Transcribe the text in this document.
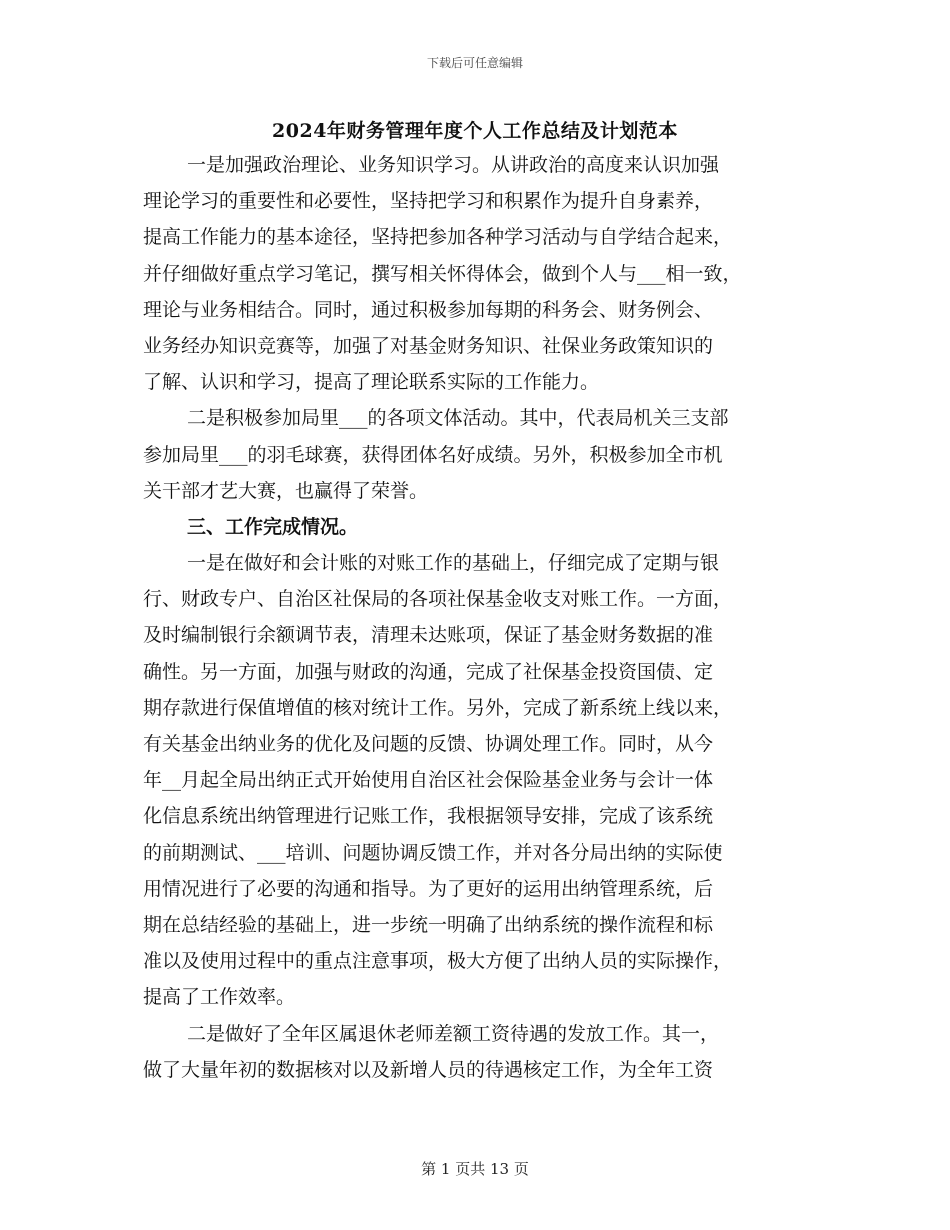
下载后可任意编辑
2024年财务管理年度个人工作总结及计划范本
一是加强政治理论、业务知识学习。从讲政治的高度来认识加强
理论学习的重要性和必要性，坚持把学习和积累作为提升自身素养，
提高工作能力的基本途径，坚持把参加各种学习活动与自学结合起来，
并仔细做好重点学习笔记，撰写相关怀得体会，做到个人与___相一致，
理论与业务相结合。同时，通过积极参加每期的科务会、财务例会、
业务经办知识竞赛等，加强了对基金财务知识、社保业务政策知识的
了解、认识和学习，提高了理论联系实际的工作能力。
二是积极参加局里___的各项文体活动。其中，代表局机关三支部
参加局里___的羽毛球赛，获得团体名好成绩。另外，积极参加全市机
关干部才艺大赛，也赢得了荣誉。
三、工作完成情况。
一是在做好和会计账的对账工作的基础上，仔细完成了定期与银
行、财政专户、自治区社保局的各项社保基金收支对账工作。一方面，
及时编制银行余额调节表，清理未达账项，保证了基金财务数据的准
确性。另一方面，加强与财政的沟通，完成了社保基金投资国债、定
期存款进行保值增值的核对统计工作。另外，完成了新系统上线以来，
有关基金出纳业务的优化及问题的反馈、协调处理工作。同时，从今
年__月起全局出纳正式开始使用自治区社会保险基金业务与会计一体
化信息系统出纳管理进行记账工作，我根据领导安排，完成了该系统
的前期测试、___培训、问题协调反馈工作，并对各分局出纳的实际使
用情况进行了必要的沟通和指导。为了更好的运用出纳管理系统，后
期在总结经验的基础上，进一步统一明确了出纳系统的操作流程和标
准以及使用过程中的重点注意事项，极大方便了出纳人员的实际操作，
提高了工作效率。
二是做好了全年区属退休老师差额工资待遇的发放工作。其一，
做了大量年初的数据核对以及新增人员的待遇核定工作，为全年工资
第 1 页共 13 页
